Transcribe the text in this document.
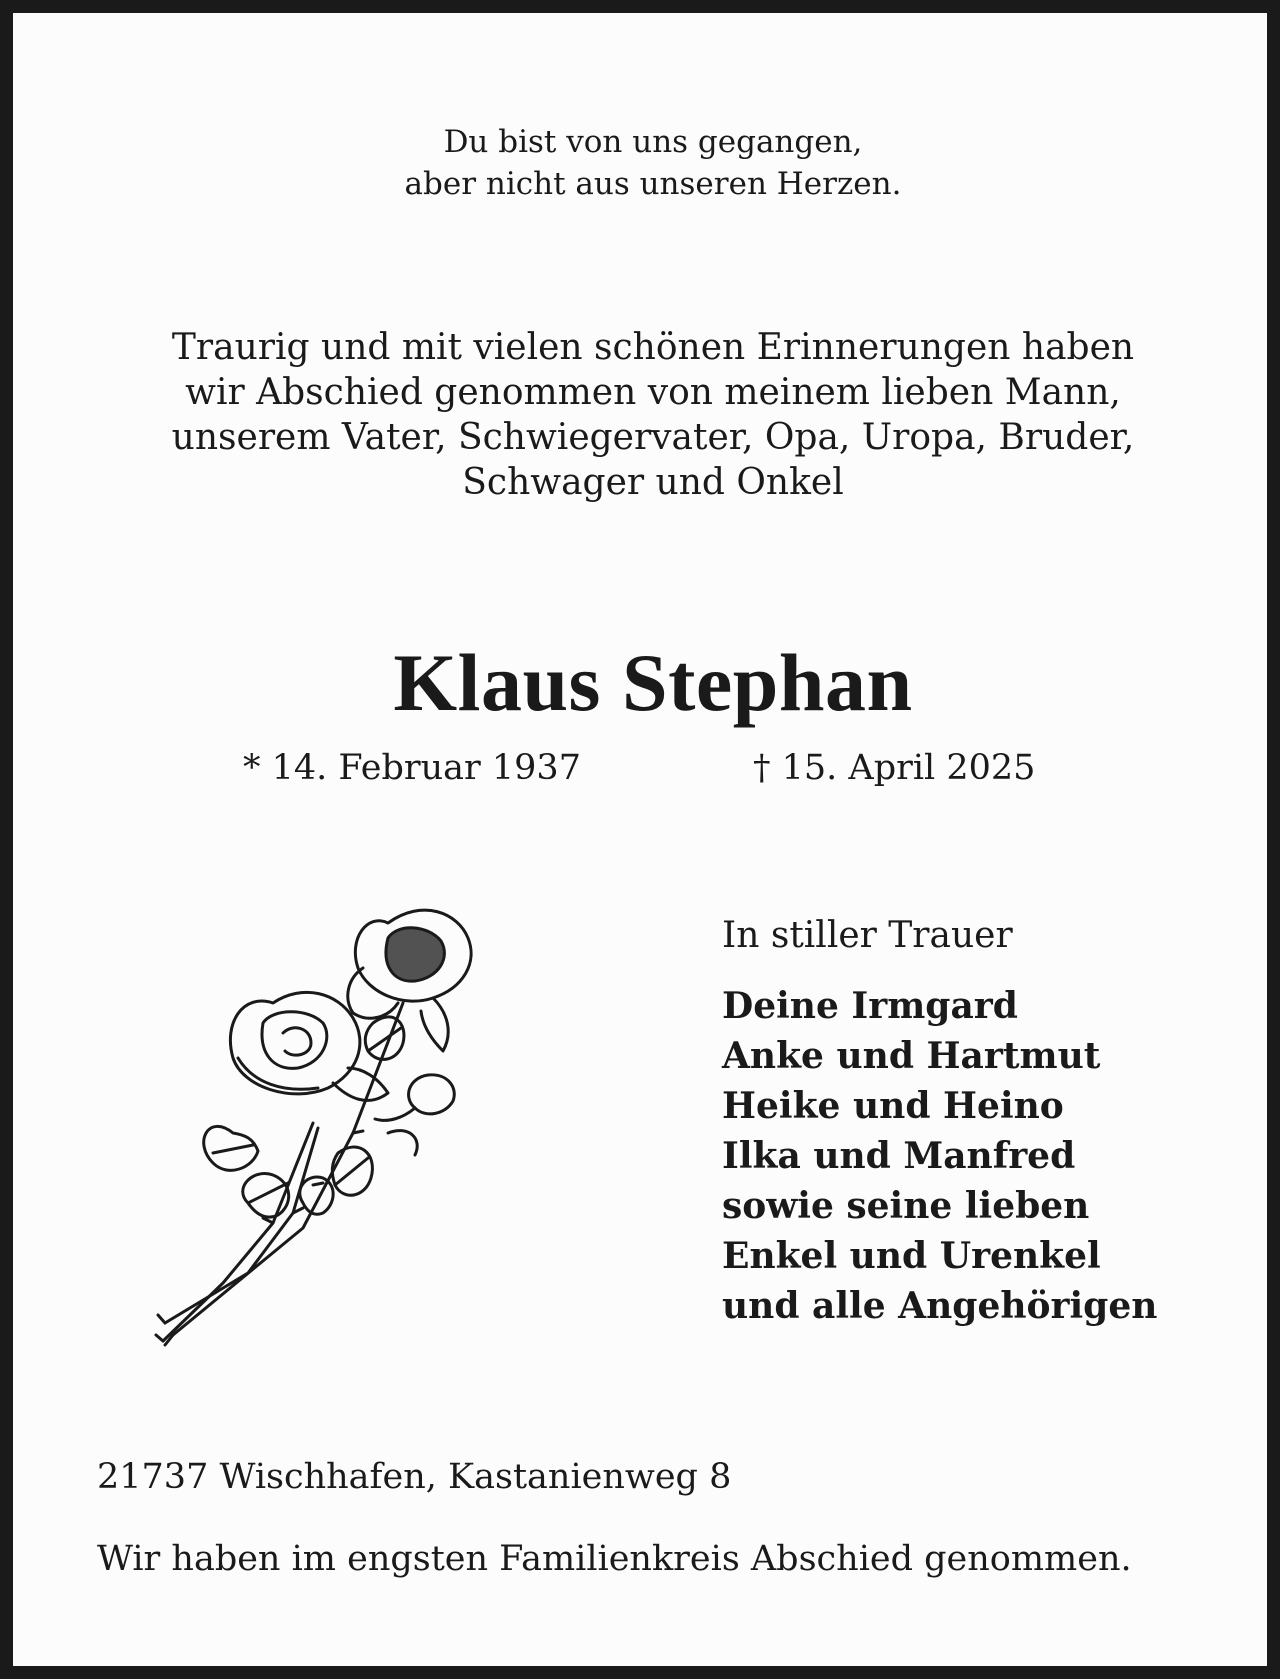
Du bist von uns gegangen,
aber nicht aus unseren Herzen.
Traurig und mit vielen schönen Erinnerungen haben
wir Abschied genommen von meinem lieben Mann,
unserem Vater, Schwiegervater, Opa, Uropa, Bruder,
Schwager und Onkel
Klaus Stephan
* 14. Februar 1937	† 15. April 2025
In stiller Trauer
Deine Irmgard
Anke und Hartmut
Heike und Heino
Ilka und Manfred
sowie seine lieben
Enkel und Urenkel
und alle Angehörigen
21737 Wischhafen, Kastanienweg 8
Wir haben im engsten Familienkreis Abschied genommen.
